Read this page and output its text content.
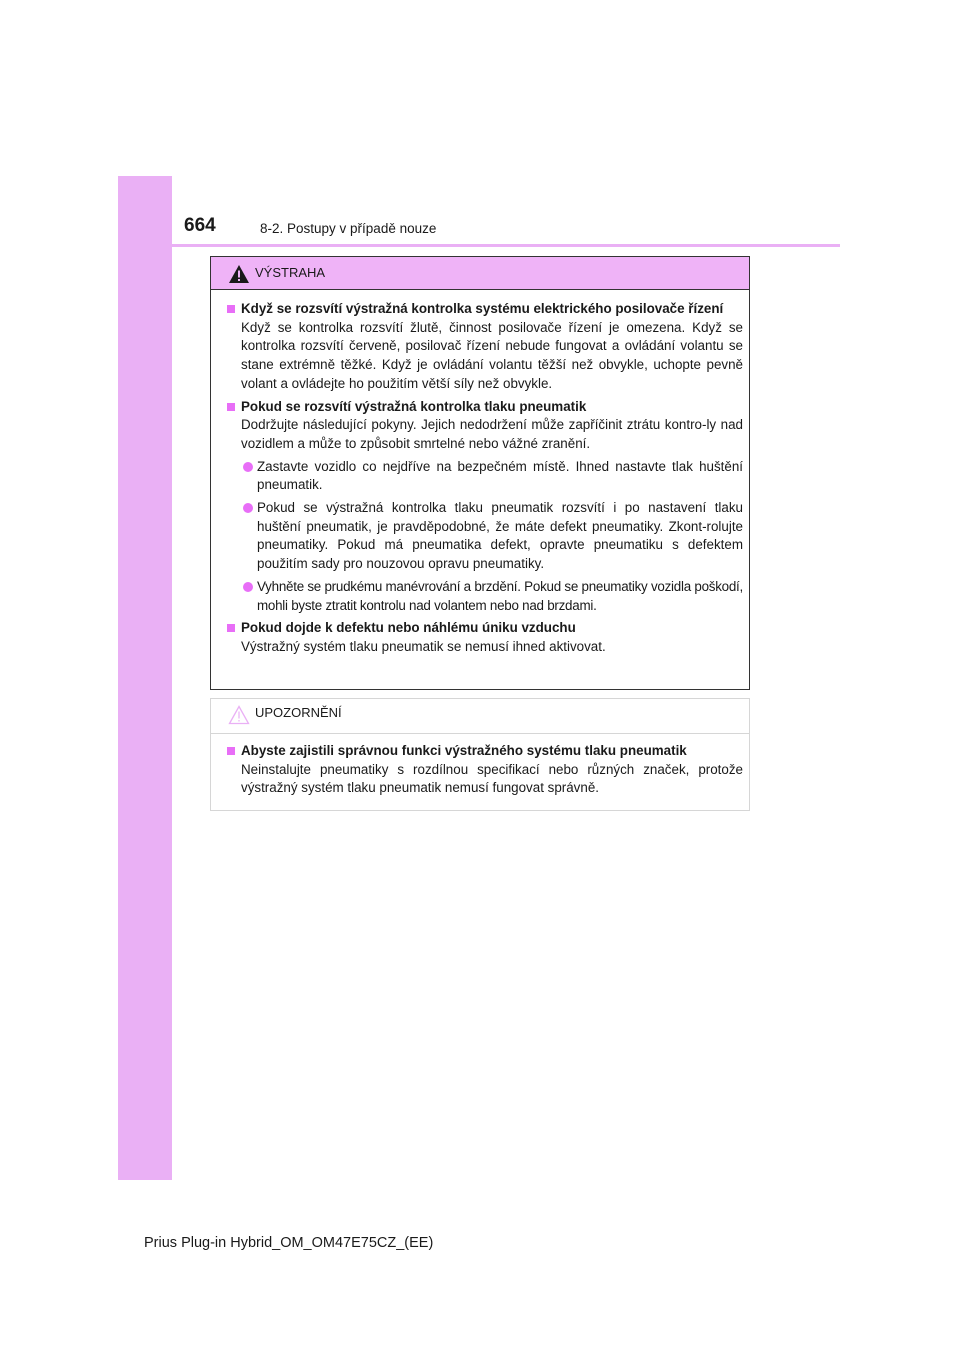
664	8-2. Postupy v případě nouze
VÝSTRAHA
Když se rozsvítí výstražná kontrolka systému elektrického posilovače řízení
Když se kontrolka rozsvítí žlutě, činnost posilovače řízení je omezena. Když se kontrolka rozsvítí červeně, posilovač řízení nebude fungovat a ovládání volantu se stane extrémně těžké. Když je ovládání volantu těžší než obvykle, uchopte pevně volant a ovládejte ho použitím větší síly než obvykle.
Pokud se rozsvítí výstražná kontrolka tlaku pneumatik
Dodržujte následující pokyny. Jejich nedodržení může zapříčinit ztrátu kontro-ly nad vozidlem a může to způsobit smrtelné nebo vážné zranění.
Zastavte vozidlo co nejdříve na bezpečném místě. Ihned nastavte tlak huštění pneumatik.
Pokud se výstražná kontrolka tlaku pneumatik rozsvítí i po nastavení tlaku huštění pneumatik, je pravděpodobné, že máte defekt pneumatiky. Zkont-rolujte pneumatiky. Pokud má pneumatika defekt, opravte pneumatiku s defektem použitím sady pro nouzovou opravu pneumatiky.
Vyhněte se prudkému manévrování a brzdění. Pokud se pneumatiky vozidla poškodí, mohli byste ztratit kontrolu nad volantem nebo nad brzdami.
Pokud dojde k defektu nebo náhlému úniku vzduchu
Výstražný systém tlaku pneumatik se nemusí ihned aktivovat.
UPOZORNĚNÍ
Abyste zajistili správnou funkci výstražného systému tlaku pneumatik
Neinstalujte pneumatiky s rozdílnou specifikací nebo různých značek, protože výstražný systém tlaku pneumatik nemusí fungovat správně.
Prius Plug-in Hybrid_OM_OM47E75CZ_(EE)
